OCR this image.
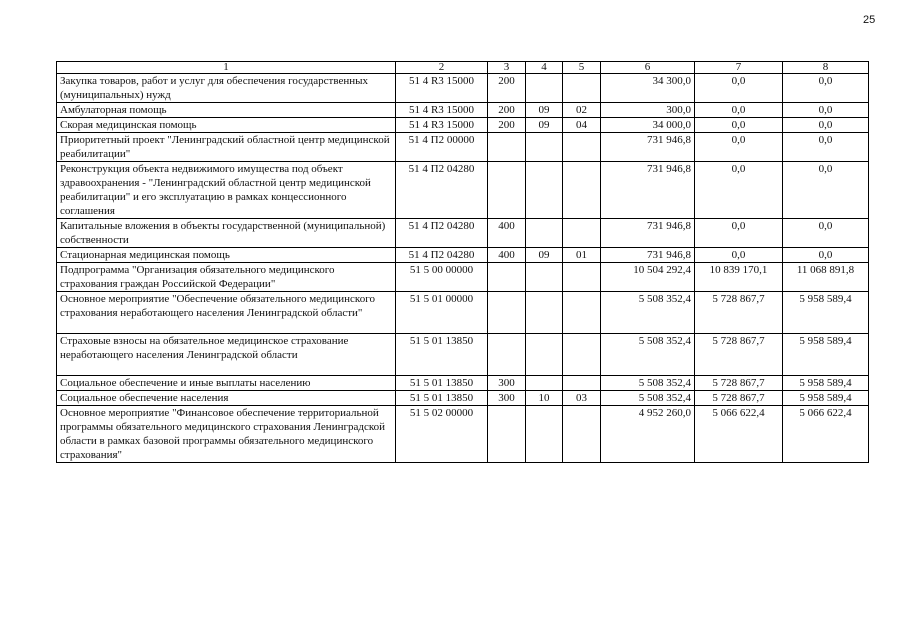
25
1	2	3	4	5	6	7	8
Закупка товаров, работ и услуг для обеспечения государственных (муниципальных) нужд	51 4 R3 15000	200			34 300,0	0,0	0,0
Амбулаторная помощь	51 4 R3 15000	200	09	02	300,0	0,0	0,0
Скорая медицинская помощь	51 4 R3 15000	200	09	04	34 000,0	0,0	0,0
Приоритетный проект "Ленинградский областной центр медицинской реабилитации"	51 4 П2 00000				731 946,8	0,0	0,0
Реконструкция объекта недвижимого имущества под объект здравоохранения - "Ленинградский областной центр медицинской реабилитации" и его эксплуатацию в рамках концессионного соглашения	51 4 П2 04280				731 946,8	0,0	0,0
Капитальные вложения в объекты государственной (муниципальной) собственности	51 4 П2 04280	400			731 946,8	0,0	0,0
Стационарная медицинская помощь	51 4 П2 04280	400	09	01	731 946,8	0,0	0,0
Подпрограмма "Организация обязательного медицинского страхования граждан Российской Федерации"	51 5 00 00000				10 504 292,4	10 839 170,1	11 068 891,8
Основное мероприятие "Обеспечение обязательного медицинского страхования неработающего населения Ленинградской области"	51 5 01 00000				5 508 352,4	5 728 867,7	5 958 589,4
Страховые взносы на обязательное медицинское страхование неработающего населения Ленинградской области	51 5 01 13850				5 508 352,4	5 728 867,7	5 958 589,4
Социальное обеспечение и иные выплаты населению	51 5 01 13850	300			5 508 352,4	5 728 867,7	5 958 589,4
Социальное обеспечение населения	51 5 01 13850	300	10	03	5 508 352,4	5 728 867,7	5 958 589,4
Основное мероприятие "Финансовое обеспечение территориальной программы обязательного медицинского страхования Ленинградской области в рамках базовой программы обязательного медицинского страхования"	51 5 02 00000				4 952 260,0	5 066 622,4	5 066 622,4
